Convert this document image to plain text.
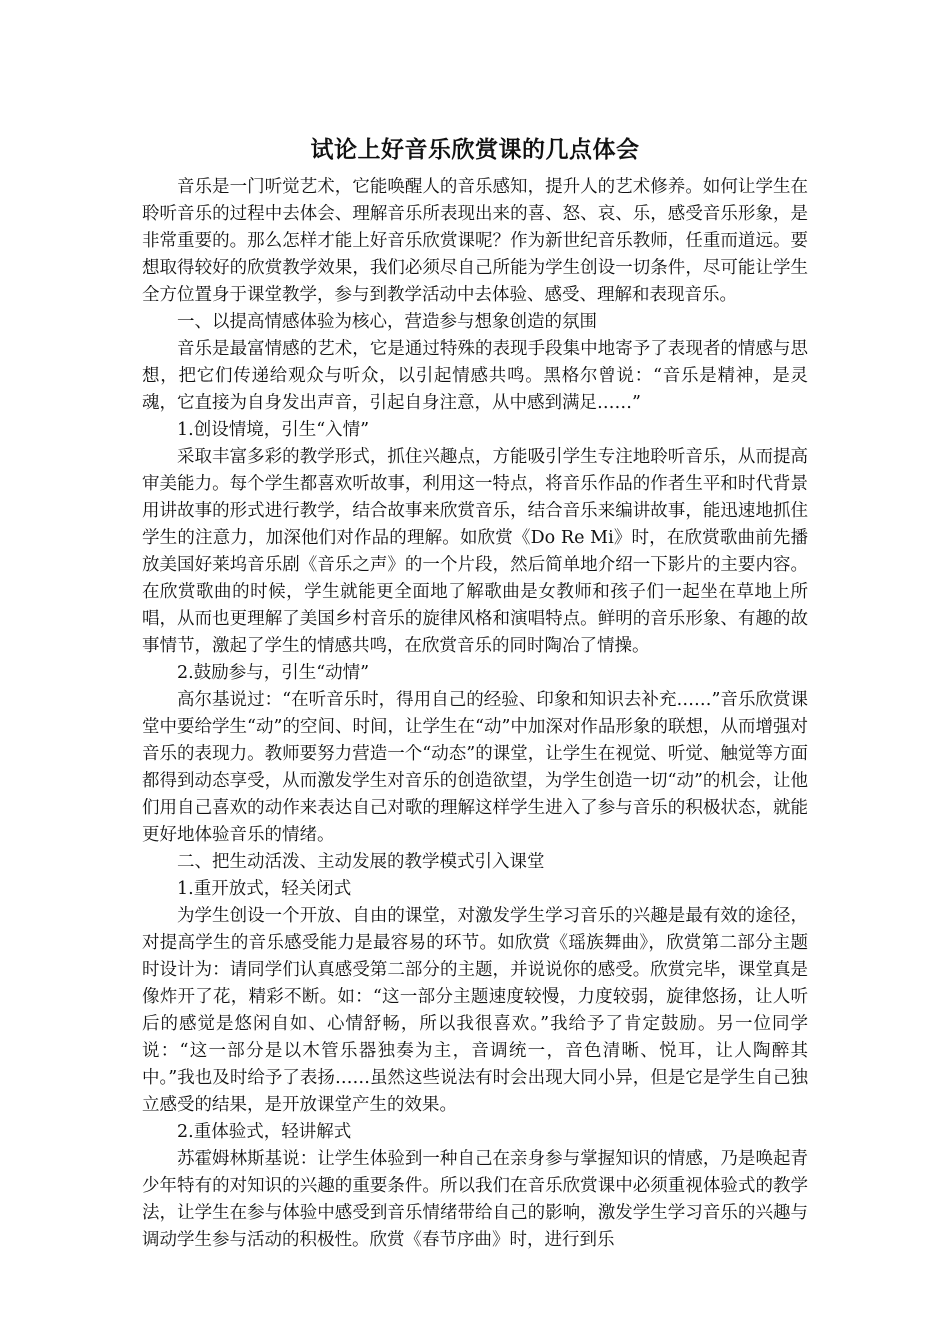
试论上好音乐欣赏课的几点体会

音乐是一门听觉艺术，它能唤醒人的音乐感知，提升人的艺术修养。如何让学生在聆听音乐的过程中去体会、理解音乐所表现出来的喜、怒、哀、乐，感受音乐形象，是非常重要的。那么怎样才能上好音乐欣赏课呢？作为新世纪音乐教师，任重而道远。要想取得较好的欣赏教学效果，我们必须尽自己所能为学生创设一切条件，尽可能让学生全方位置身于课堂教学，参与到教学活动中去体验、感受、理解和表现音乐。

一、以提高情感体验为核心，营造参与想象创造的氛围

音乐是最富情感的艺术，它是通过特殊的表现手段集中地寄予了表现者的情感与思想，把它们传递给观众与听众，以引起情感共鸣。黑格尔曾说：“音乐是精神，是灵魂，它直接为自身发出声音，引起自身注意，从中感到满足……”

1.创设情境，引生“入情”

采取丰富多彩的教学形式，抓住兴趣点，方能吸引学生专注地聆听音乐，从而提高审美能力。每个学生都喜欢听故事，利用这一特点，将音乐作品的作者生平和时代背景用讲故事的形式进行教学，结合故事来欣赏音乐，结合音乐来编讲故事，能迅速地抓住学生的注意力，加深他们对作品的理解。如欣赏《Do Re Mi》时，在欣赏歌曲前先播放美国好莱坞音乐剧《音乐之声》的一个片段，然后简单地介绍一下影片的主要内容。在欣赏歌曲的时候，学生就能更全面地了解歌曲是女教师和孩子们一起坐在草地上所唱，从而也更理解了美国乡村音乐的旋律风格和演唱特点。鲜明的音乐形象、有趣的故事情节，激起了学生的情感共鸣，在欣赏音乐的同时陶冶了情操。

2.鼓励参与，引生“动情”

高尔基说过：“在听音乐时，得用自己的经验、印象和知识去补充……”音乐欣赏课堂中要给学生“动”的空间、时间，让学生在“动”中加深对作品形象的联想，从而增强对音乐的表现力。教师要努力营造一个“动态”的课堂，让学生在视觉、听觉、触觉等方面都得到动态享受，从而激发学生对音乐的创造欲望，为学生创造一切“动”的机会，让他们用自己喜欢的动作来表达自己对歌的理解这样学生进入了参与音乐的积极状态，就能更好地体验音乐的情绪。

二、把生动活泼、主动发展的教学模式引入课堂

1.重开放式，轻关闭式

为学生创设一个开放、自由的课堂，对激发学生学习音乐的兴趣是最有效的途径，对提高学生的音乐感受能力是最容易的环节。如欣赏《瑶族舞曲》，欣赏第二部分主题时设计为：请同学们认真感受第二部分的主题，并说说你的感受。欣赏完毕，课堂真是像炸开了花，精彩不断。如：“这一部分主题速度较慢，力度较弱，旋律悠扬，让人听后的感觉是悠闲自如、心情舒畅，所以我很喜欢。”我给予了肯定鼓励。另一位同学说：“这一部分是以木管乐器独奏为主，音调统一，音色清晰、悦耳，让人陶醉其中。”我也及时给予了表扬……虽然这些说法有时会出现大同小异，但是它是学生自己独立感受的结果，是开放课堂产生的效果。

2.重体验式，轻讲解式

苏霍姆林斯基说：让学生体验到一种自己在亲身参与掌握知识的情感，乃是唤起青少年特有的对知识的兴趣的重要条件。所以我们在音乐欣赏课中必须重视体验式的教学法，让学生在参与体验中感受到音乐情绪带给自己的影响，激发学生学习音乐的兴趣与调动学生参与活动的积极性。欣赏《春节序曲》时，进行到乐
